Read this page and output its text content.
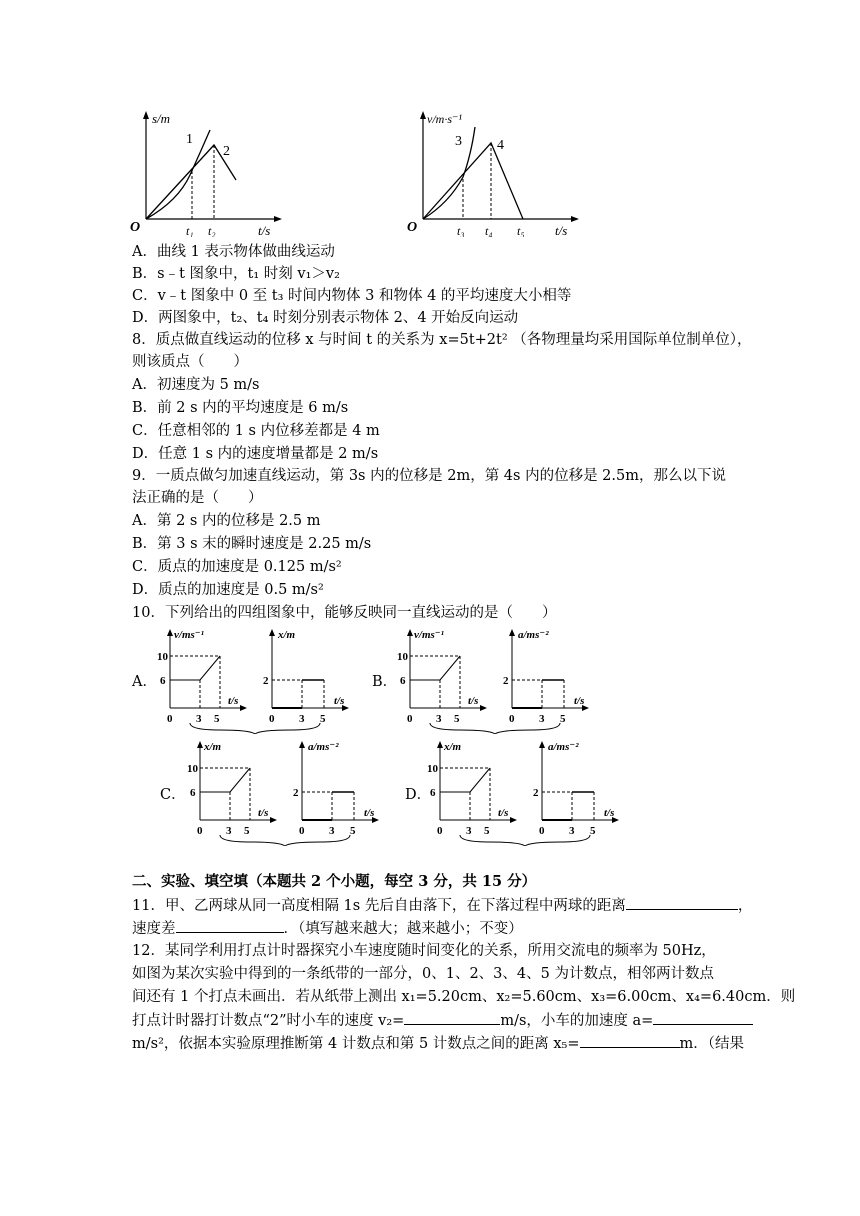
s/m
t/s
O
1
2
t₁ t₂
v/m·s⁻¹
t/s
O
3	4
t₃ t₄ t₅
A．曲线 1 表示物体做曲线运动
B．s﹣t 图象中，t₁ 时刻 v₁＞v₂
C．v﹣t 图象中 0 至 t₃ 时间内物体 3 和物体 4 的平均速度大小相等
D．两图象中，t₂、t₄ 时刻分别表示物体 2、4 开始反向运动
8．质点做直线运动的位移 x 与时间 t 的关系为 x=5t+2t² （各物理量均采用国际单位制单位），
则该质点（　　）
A．初速度为 5 m/s
B．前 2 s 内的平均速度是 6 m/s
C．任意相邻的 1 s 内位移差都是 4 m
D．任意 1 s 内的速度增量都是 2 m/s
9．一质点做匀加速直线运动，第 3s 内的位移是 2m，第 4s 内的位移是 2.5m，那么以下说
法正确的是（　　）
A．第 2 s 内的位移是 2.5 m
B．第 3 s 末的瞬时速度是 2.25 m/s
C．质点的加速度是 0.125 m/s²
D．质点的加速度是 0.5 m/s²
10．下列给出的四组图象中，能够反映同一直线运动的是（　　）
A．
v/ms⁻¹
t/s
10
6
0 3 5
x/m
t/s
2
0 3 5
B．
v/ms⁻¹
t/s
10
6
0 3 5
a/ms⁻²
t/s
2
0 3 5
C．
x/m
t/s
10
6
0 3 5
a/ms⁻²
t/s
2
0 3 5
D．
x/m
t/s
10
6
0 3 5
a/ms⁻²
t/s
2
0 3 5
二、实验、填空填（本题共 2 个小题，每空 3 分，共 15 分）
11．甲、乙两球从同一高度相隔 1s 先后自由落下，在下落过程中两球的距离	，
速度差	．（填写越来越大；越来越小；不变）
12．某同学利用打点计时器探究小车速度随时间变化的关系，所用交流电的频率为 50Hz，
如图为某次实验中得到的一条纸带的一部分，0、1、2、3、4、5 为计数点，相邻两计数点
间还有 1 个打点未画出．若从纸带上测出 x₁=5.20cm、x₂=5.60cm、x₃=6.00cm、x₄=6.40cm．则
打点计时器打计数点“2”时小车的速度 v₂=	m/s，小车的加速度 a=
m/s²，依据本实验原理推断第 4 计数点和第 5 计数点之间的距离 x₅=	m．（结果
